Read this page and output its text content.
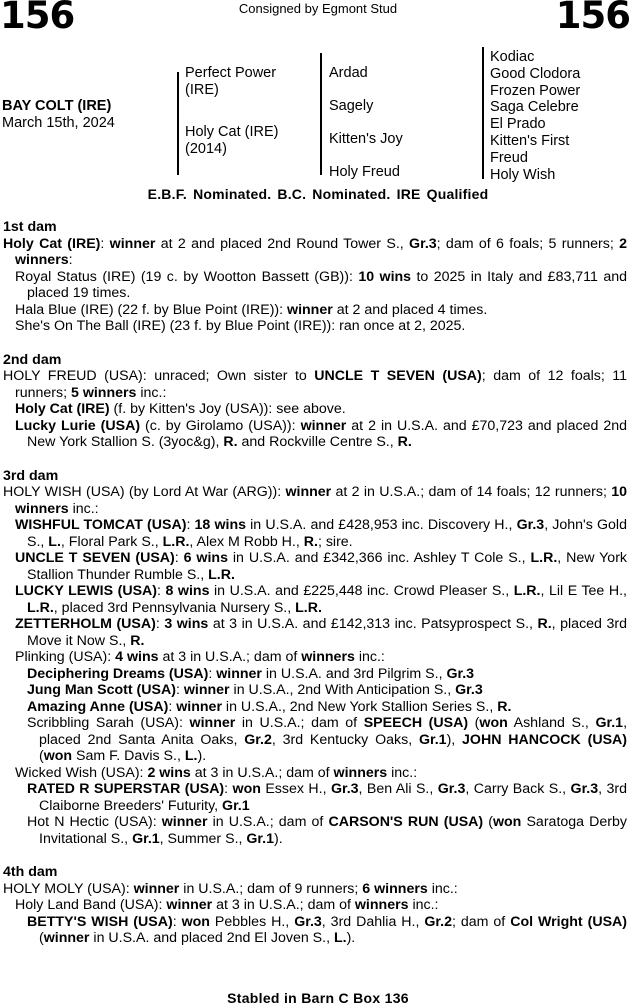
156	Consigned by Egmont Stud	156
BAY COLT (IRE)
March 15th, 2024
Perfect Power
(IRE)
Holy Cat (IRE)
(2014)
Ardad
Sagely
Kitten's Joy
Holy Freud
Kodiac
Good Clodora
Frozen Power
Saga Celebre
El Prado
Kitten's First
Freud
Holy Wish
E.B.F. Nominated. B.C. Nominated. IRE Qualified
1st dam
Holy Cat (IRE): winner at 2 and placed 2nd Round Tower S., Gr.3; dam of 6 foals; 5 runners; 2 winners:
Royal Status (IRE) (19 c. by Wootton Bassett (GB)): 10 wins to 2025 in Italy and £83,711 and placed 19 times.
Hala Blue (IRE) (22 f. by Blue Point (IRE)): winner at 2 and placed 4 times.
She's On The Ball (IRE) (23 f. by Blue Point (IRE)): ran once at 2, 2025.
2nd dam
HOLY FREUD (USA): unraced; Own sister to UNCLE T SEVEN (USA); dam of 12 foals; 11 runners; 5 winners inc.:
Holy Cat (IRE) (f. by Kitten's Joy (USA)): see above.
Lucky Lurie (USA) (c. by Girolamo (USA)): winner at 2 in U.S.A. and £70,723 and placed 2nd New York Stallion S. (3yoc&g), R. and Rockville Centre S., R.
3rd dam
HOLY WISH (USA) (by Lord At War (ARG)): winner at 2 in U.S.A.; dam of 14 foals; 12 runners; 10 winners inc.:
WISHFUL TOMCAT (USA): 18 wins in U.S.A. and £428,953 inc. Discovery H., Gr.3, John's Gold S., L., Floral Park S., L.R., Alex M Robb H., R.; sire.
UNCLE T SEVEN (USA): 6 wins in U.S.A. and £342,366 inc. Ashley T Cole S., L.R., New York Stallion Thunder Rumble S., L.R.
LUCKY LEWIS (USA): 8 wins in U.S.A. and £225,448 inc. Crowd Pleaser S., L.R., Lil E Tee H., L.R., placed 3rd Pennsylvania Nursery S., L.R.
ZETTERHOLM (USA): 3 wins at 3 in U.S.A. and £142,313 inc. Patsyprospect S., R., placed 3rd Move it Now S., R.
Plinking (USA): 4 wins at 3 in U.S.A.; dam of winners inc.:
Deciphering Dreams (USA): winner in U.S.A. and 3rd Pilgrim S., Gr.3
Jung Man Scott (USA): winner in U.S.A., 2nd With Anticipation S., Gr.3
Amazing Anne (USA): winner in U.S.A., 2nd New York Stallion Series S., R.
Scribbling Sarah (USA): winner in U.S.A.; dam of SPEECH (USA) (won Ashland S., Gr.1, placed 2nd Santa Anita Oaks, Gr.2, 3rd Kentucky Oaks, Gr.1), JOHN HANCOCK (USA) (won Sam F. Davis S., L.).
Wicked Wish (USA): 2 wins at 3 in U.S.A.; dam of winners inc.:
RATED R SUPERSTAR (USA): won Essex H., Gr.3, Ben Ali S., Gr.3, Carry Back S., Gr.3, 3rd Claiborne Breeders' Futurity, Gr.1
Hot N Hectic (USA): winner in U.S.A.; dam of CARSON'S RUN (USA) (won Saratoga Derby Invitational S., Gr.1, Summer S., Gr.1).
4th dam
HOLY MOLY (USA): winner in U.S.A.; dam of 9 runners; 6 winners inc.:
Holy Land Band (USA): winner at 3 in U.S.A.; dam of winners inc.:
BETTY'S WISH (USA): won Pebbles H., Gr.3, 3rd Dahlia H., Gr.2; dam of Col Wright (USA) (winner in U.S.A. and placed 2nd El Joven S., L.).
Stabled in Barn C Box 136
